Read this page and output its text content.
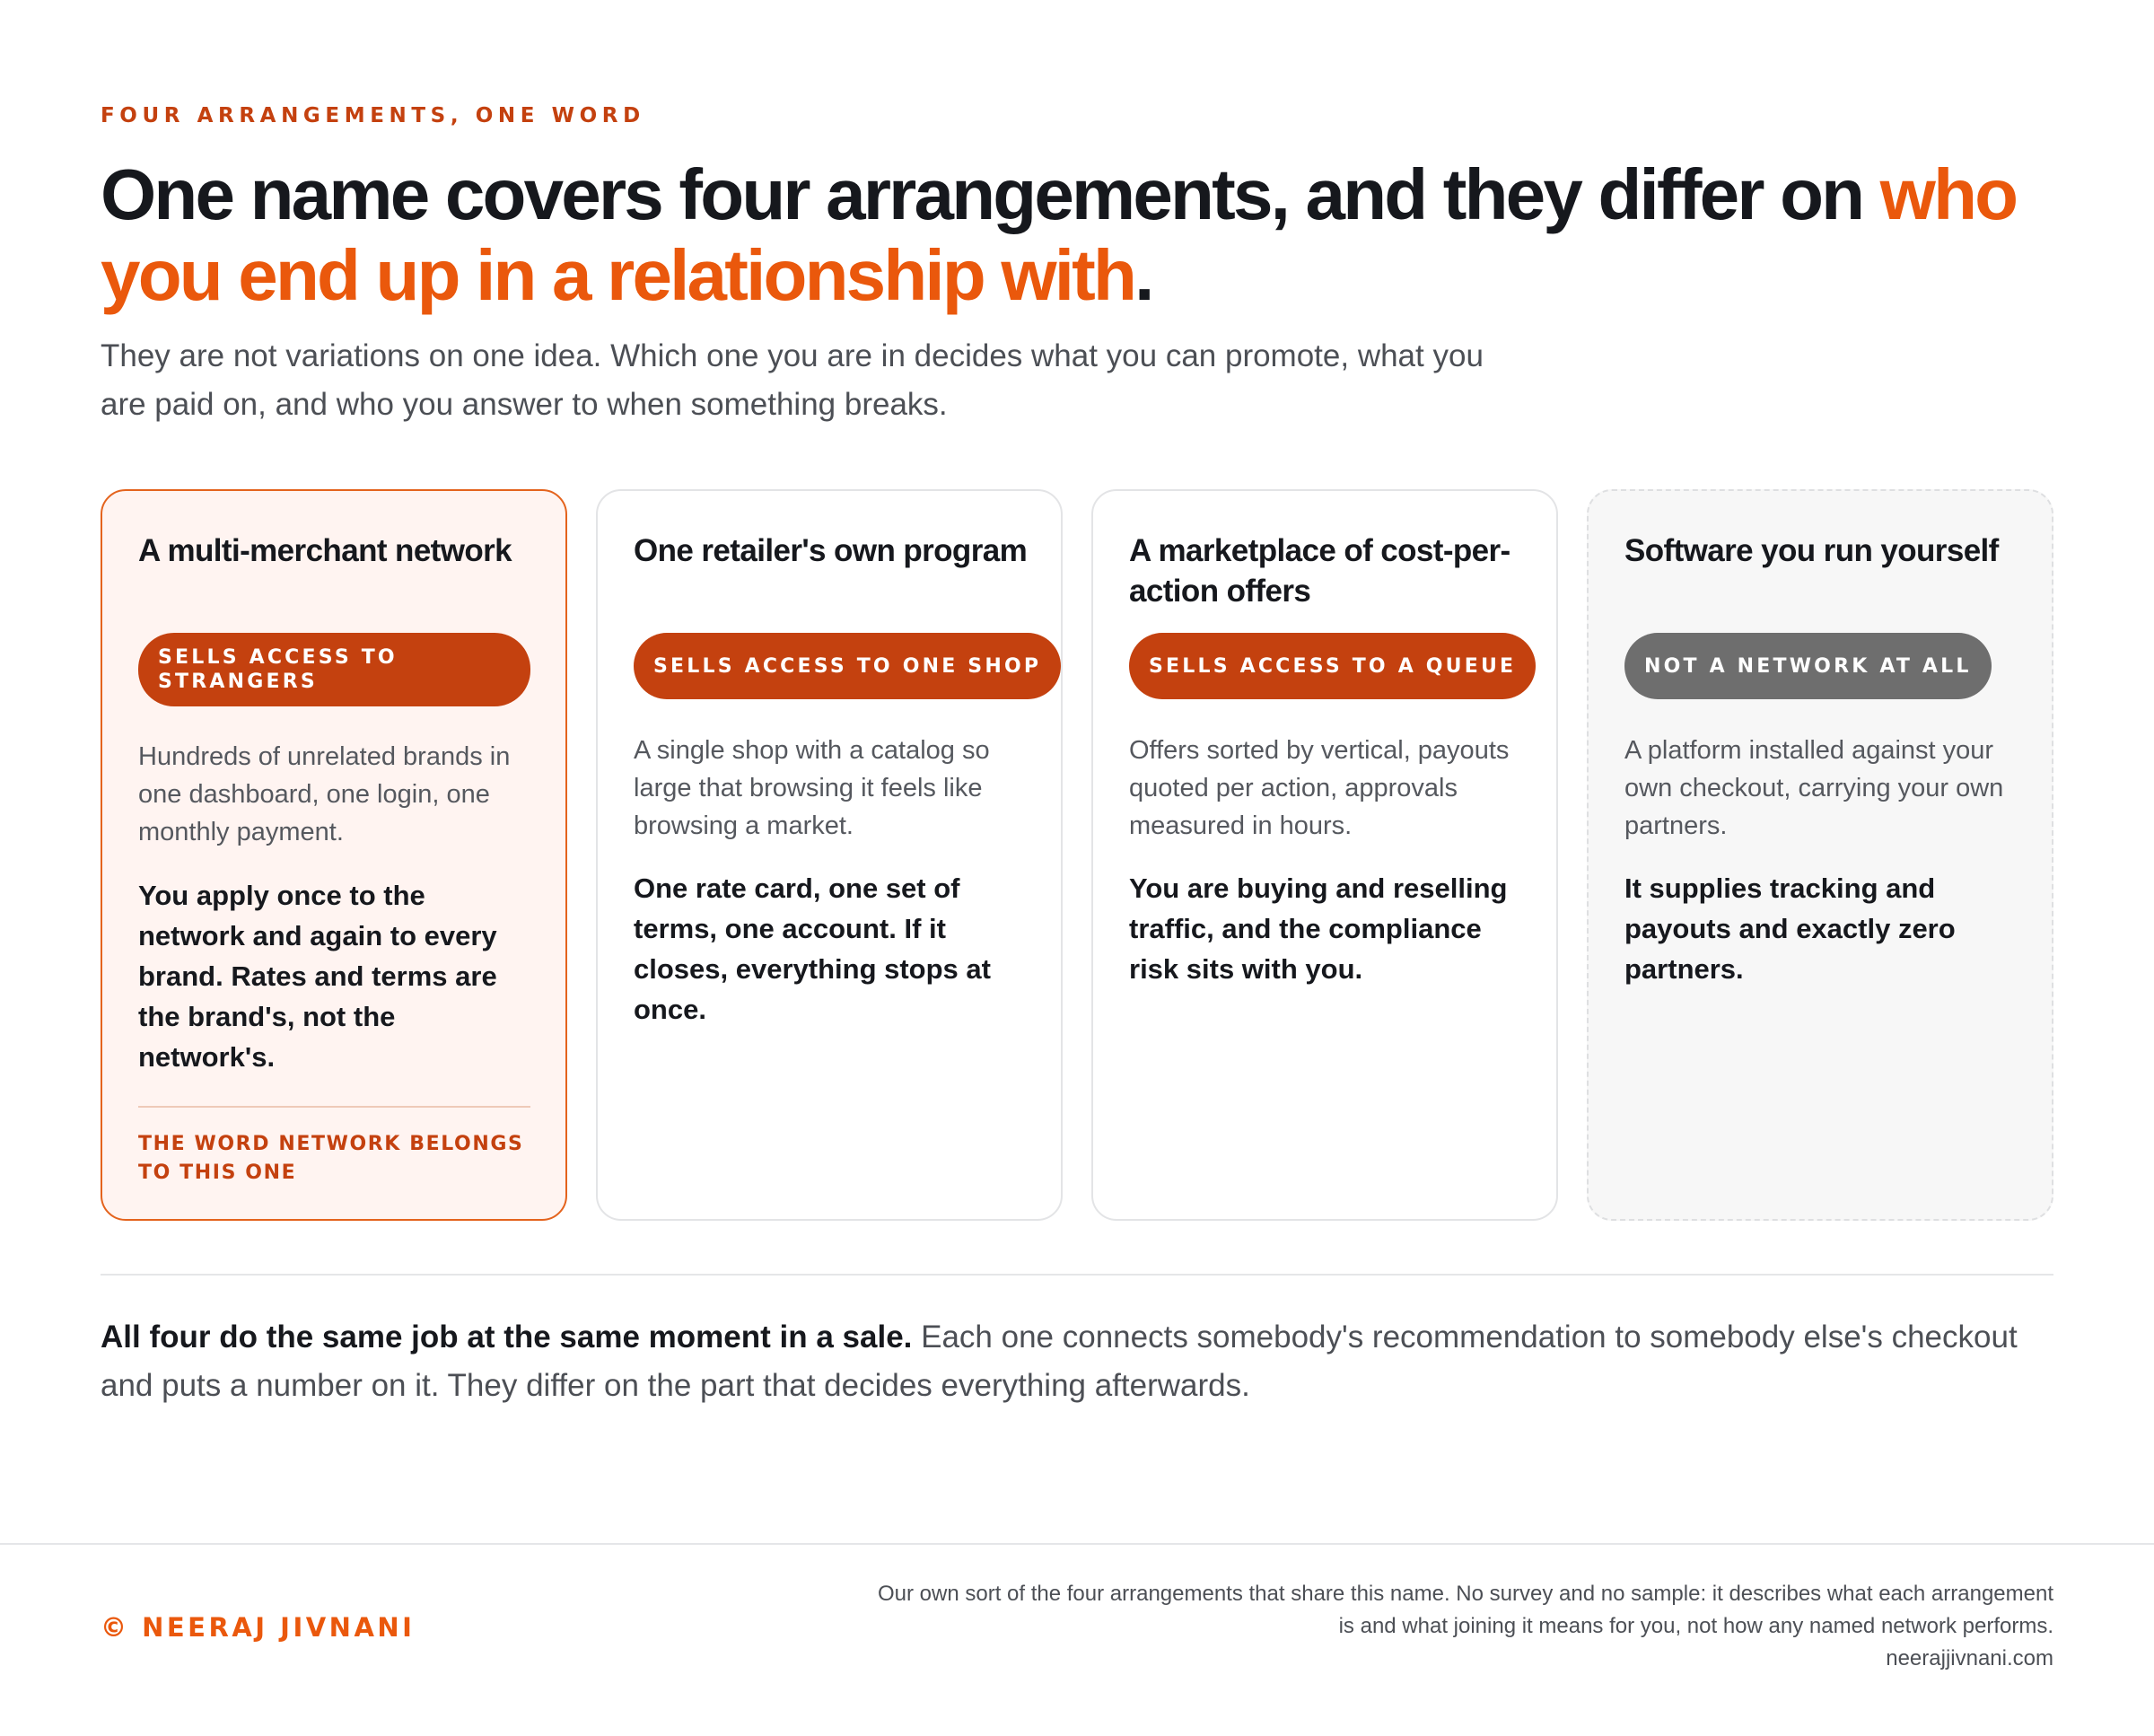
FOUR ARRANGEMENTS, ONE WORD
One name covers four arrangements, and they differ on who you end up in a relationship with.

They are not variations on one idea. Which one you are in decides what you can promote, what you are paid on, and who you answer to when something breaks.

A multi-merchant network
SELLS ACCESS TO STRANGERS
Hundreds of unrelated brands in one dashboard, one login, one monthly payment.
You apply once to the network and again to every brand. Rates and terms are the brand's, not the network's.
THE WORD NETWORK BELONGS TO THIS ONE
One retailer's own program
SELLS ACCESS TO ONE SHOP
A single shop with a catalog so large that browsing it feels like browsing a market.
One rate card, one set of terms, one account. If it closes, everything stops at once.
A marketplace of cost-per-action offers
SELLS ACCESS TO A QUEUE
Offers sorted by vertical, payouts quoted per action, approvals measured in hours.
You are buying and reselling traffic, and the compliance risk sits with you.
Software you run yourself
NOT A NETWORK AT ALL
A platform installed against your own checkout, carrying your own partners.
It supplies tracking and payouts and exactly zero partners.

All four do the same job at the same moment in a sale. Each one connects somebody's recommendation to somebody else's checkout and puts a number on it. They differ on the part that decides everything afterwards.

© NEERAJ JIVNANI
Our own sort of the four arrangements that share this name. No survey and no sample: it describes what each arrangement
is and what joining it means for you, not how any named network performs.
neerajjivnani.com
